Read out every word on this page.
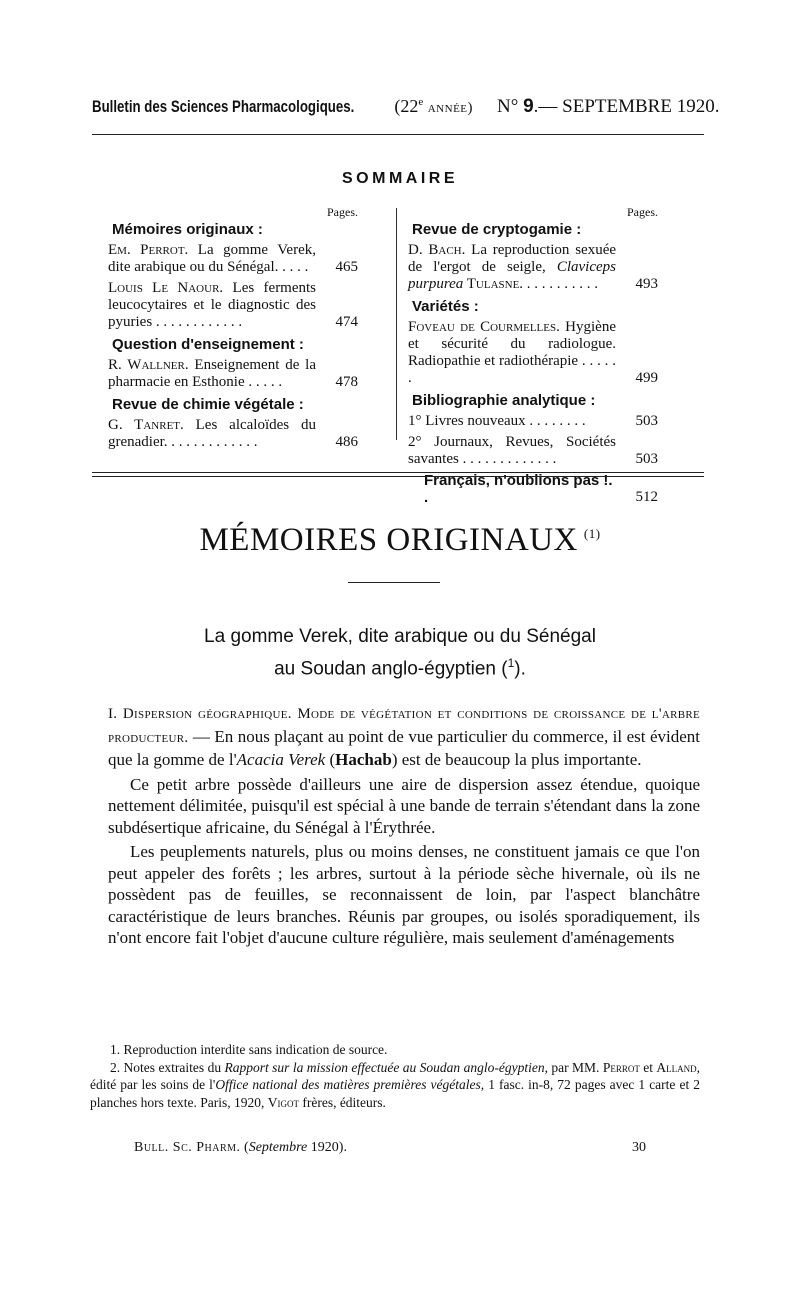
Bulletin des Sciences Pharmacologiques. (22e année) N° 9.— SEPTEMBRE 1920.
SOMMAIRE
Pages.
Mémoires originaux :
Em. Perrot. La gomme Verek, dite arabique ou du Sénégal. . . . . 465
Louis Le Naour. Les ferments leucocytaires et le diagnostic des pyuries . . . . . . . . . . . .	474
Question d'enseignement :
R. Wallner. Enseignement de la pharmacie en Esthonie . . . . .	478
Revue de chimie végétale :
G. Tanret. Les alcaloïdes du grenadier. . . . . . . . . . . . .	486
Pages.
Revue de cryptogamie :
D. Bach. La reproduction sexuée de l'ergot de seigle, Claviceps purpurea Tulasne. . . . . . . . . . . 493
Variétés :
Foveau de Courmelles. Hygiène et sécurité du radiologue. Radiopathie et radiothérapie . . . . . .	499
Bibliographie analytique :
1° Livres nouveaux . . . . . . . .	503
2° Journaux, Revues, Sociétés savantes . . . . . . . . . . . . .	503
Français, n'oublions pas !. .	512
MÉMOIRES ORIGINAUX $^{(1)}$
La gomme Verek, dite arabique ou du Sénégal
au Soudan anglo-égyptien ($^1$).

I. Dispersion géographique. Mode de végétation et conditions de croissance de l'arbre producteur. — En nous plaçant au point de vue particulier du commerce, il est évident que la gomme de l'Acacia Verek (Hachab) est de beaucoup la plus importante.

Ce petit arbre possède d'ailleurs une aire de dispersion assez étendue, quoique nettement délimitée, puisqu'il est spécial à une bande de terrain s'étendant dans la zone subdésertique africaine, du Sénégal à l'Érythrée.

Les peuplements naturels, plus ou moins denses, ne constituent jamais ce que l'on peut appeler des forêts ; les arbres, surtout à la période sèche hivernale, où ils ne possèdent pas de feuilles, se reconnaissent de loin, par l'aspect blanchâtre caractéristique de leurs branches. Réunis par groupes, ou isolés sporadiquement, ils n'ont encore fait l'objet d'aucune culture régulière, mais seulement d'aménagements

1. Reproduction interdite sans indication de source.

2. Notes extraites du Rapport sur la mission effectuée au Soudan anglo-égyptien, par MM. Perrot et Alland, édité par les soins de l'Office national des matières premières végétales, 1 fasc. in-8, 72 pages avec 1 carte et 2 planches hors texte. Paris, 1920, Vigot frères, éditeurs.

Bull. Sc. Pharm. (Septembre 1920).	30
